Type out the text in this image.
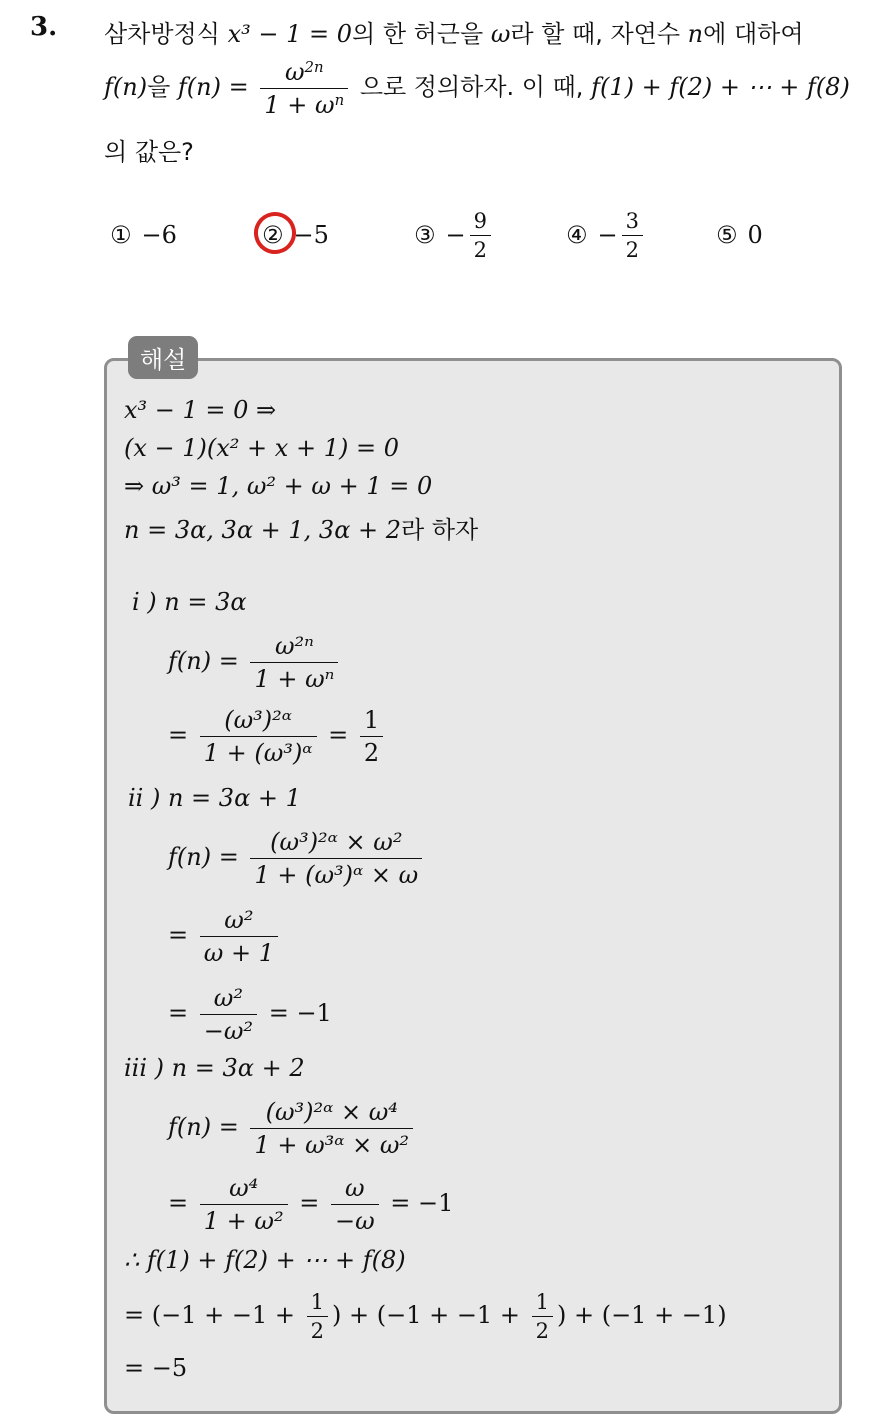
3. 삼차방정식 x³ − 1 = 0의 한 허근을 ω라 할 때, 자연수 n에 대하여
f(n)을 $f(n) = \frac{\omega^{2n}}{1 + \omega^n}$ 으로 정의하자. 이 때, f(1) + f(2) + ⋯ + f(8)
의 값은?
① −6	② −5	③ − $\frac{9}{2}$	④ − $\frac{3}{2}$	⑤ 0
해설
x³ − 1 = 0 ⇒
(x − 1)(x² + x + 1) = 0
⇒ ω³ = 1, ω² + ω + 1 = 0
n = 3α, 3α + 1, 3α + 2라 하자
i ) n = 3α
$f(n) = \frac{\text{ω²ⁿ}}{\text{1 + ωⁿ}}$
= $\frac{\text{(ω³)²ᵅ}}{\text{1 + (ω³)ᵅ}} = \frac{1}{2}$
ii ) n = 3α + 1
$f(n) = \frac{\text{(ω³)²ᵅ × ω²}}{\text{1 + (ω³)ᵅ × ω}}$
= $\frac{\text{ω²}}{\omega + 1}$
= $\frac{\text{ω²}}{\text{−ω²}} = -1$
iii ) n = 3α + 2
$f(n) = \frac{\text{(ω³)²ᵅ × ω⁴}}{\text{1 + ω³ᵅ × ω²}}$
= $\frac{\text{ω⁴}}{\text{1 + ω²}} = \frac{\omega}{-\omega} = -1$
∴ f(1) + f(2) + ⋯ + f(8)
= ($-1 + -1 + \frac{1}{2}$ ) + ($-1 + -1 + \frac{1}{2}$ ) + (−1 + −1)
= −5
